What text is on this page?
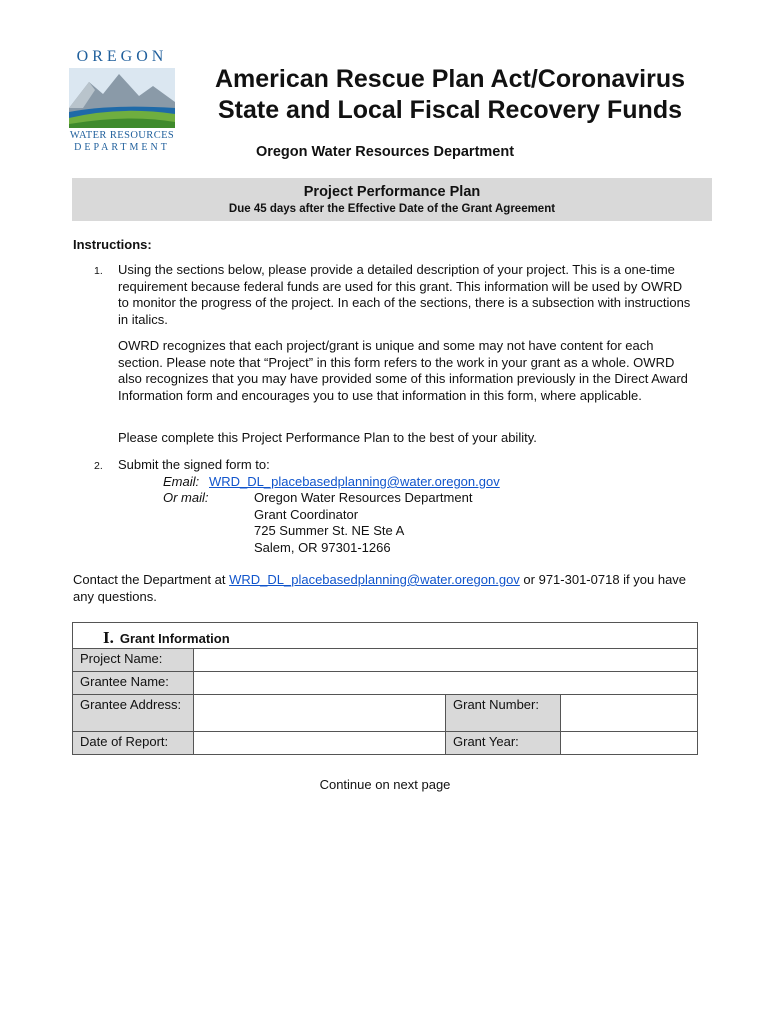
OREGON
WATER RESOURCES
DEPARTMENT
American Rescue Plan Act/Coronavirus
State and Local Fiscal Recovery Funds
Oregon Water Resources Department
Project Performance Plan
Due 45 days after the Effective Date of the Grant Agreement
Instructions:
1. Using the sections below, please provide a detailed description of your project. This is a one-time requirement because federal funds are used for this grant. This information will be used by OWRD to monitor the progress of the project. In each of the sections, there is a subsection with instructions in italics.
OWRD recognizes that each project/grant is unique and some may not have content for each section. Please note that “Project” in this form refers to the work in your grant as a whole. OWRD also recognizes that you may have provided some of this information previously in the Direct Award Information form and encourages you to use that information in this form, where applicable.
Please complete this Project Performance Plan to the best of your ability.
2. Submit the signed form to:
Email: WRD_DL_placebasedplanning@water.oregon.gov
Or mail:	Oregon Water Resources Department
Grant Coordinator
725 Summer St. NE Ste A
Salem, OR 97301-1266
Contact the Department at WRD_DL_placebasedplanning@water.oregon.gov or 971-301-0718 if you have any questions.
I. Grant Information
Project Name:
Grantee Name:
Grantee Address:	Grant Number:
Date of Report:	Grant Year:
Continue on next page
